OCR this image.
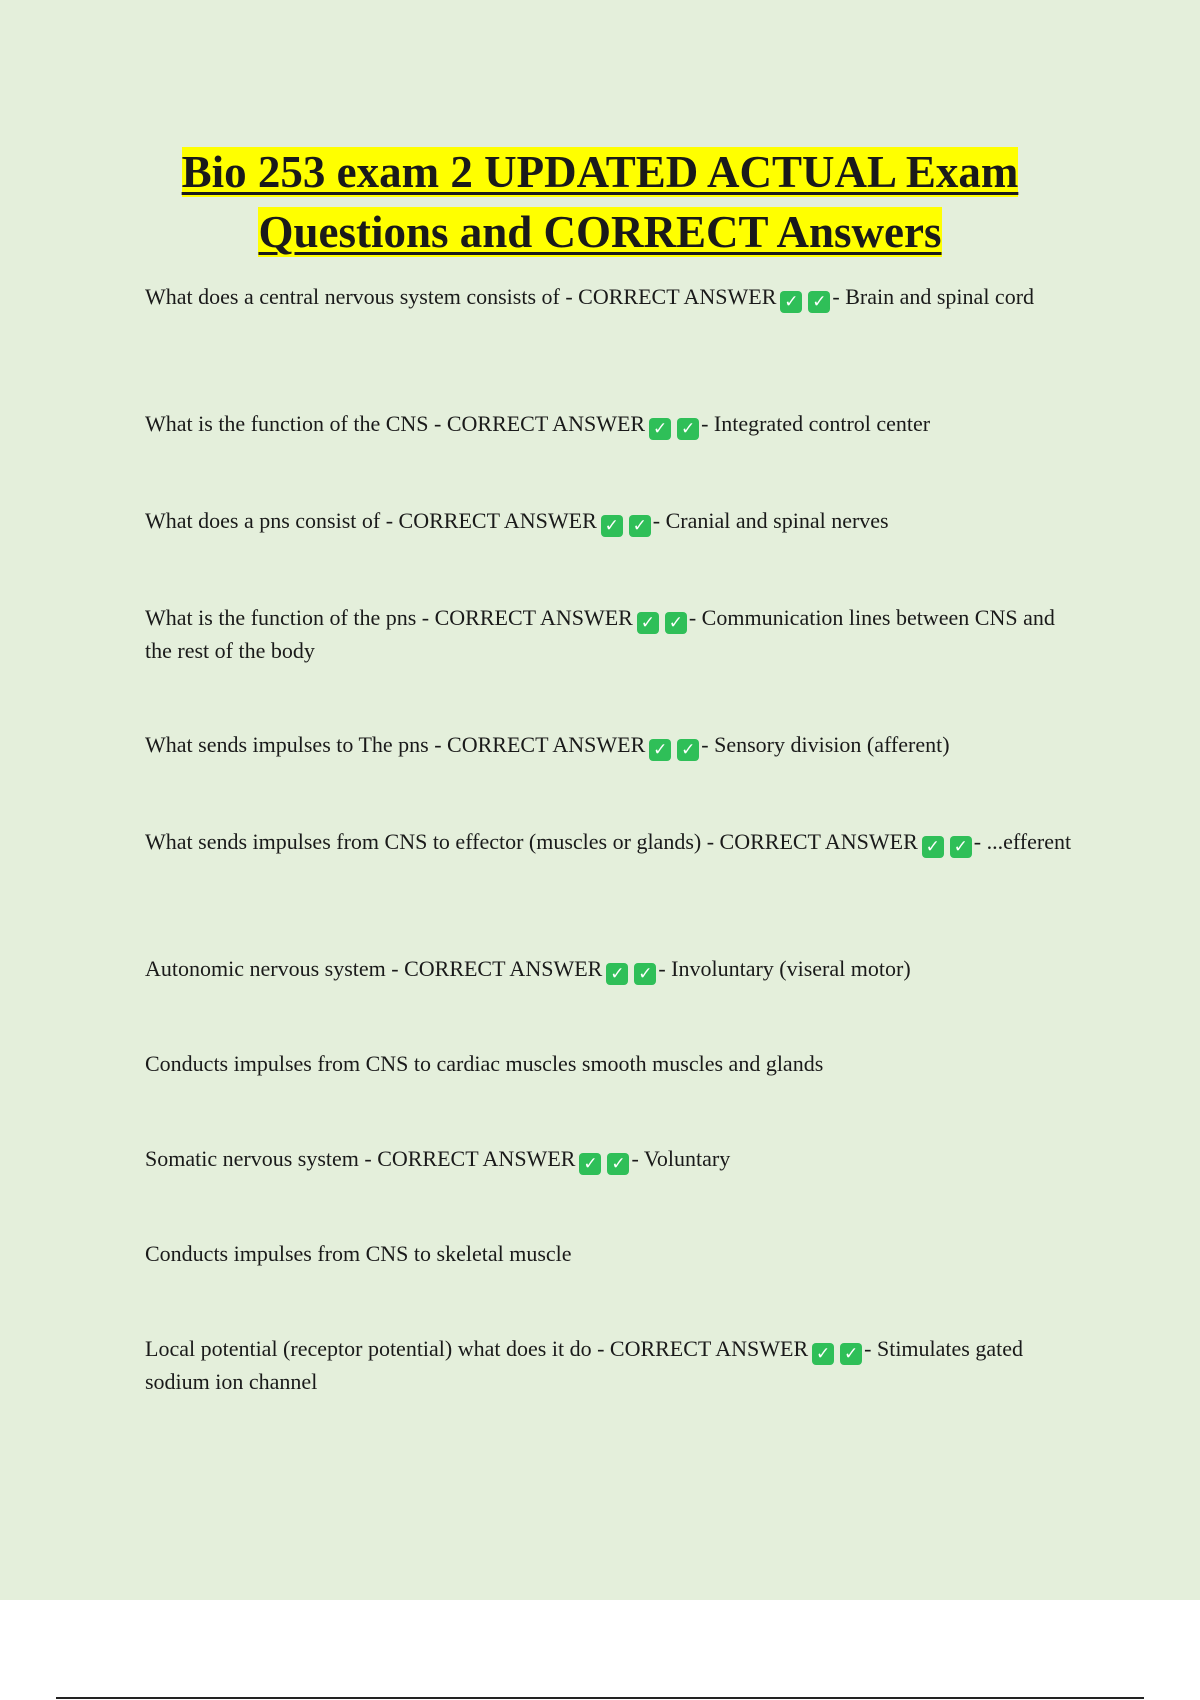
Bio 253 exam 2 UPDATED ACTUAL Exam
Questions and CORRECT Answers

What does a central nervous system consists of - CORRECT ANSWER ✓ ✓ - Brain and spinal cord

What is the function of the CNS - CORRECT ANSWER ✓ ✓ - Integrated control center

What does a pns consist of - CORRECT ANSWER ✓ ✓ - Cranial and spinal nerves

What is the function of the pns - CORRECT ANSWER ✓ ✓ - Communication lines between CNS and the rest of the body

What sends impulses to The pns - CORRECT ANSWER ✓ ✓ - Sensory division (afferent)

What sends impulses from CNS to effector (muscles or glands) - CORRECT ANSWER ✓ ✓ - ...efferent

Autonomic nervous system - CORRECT ANSWER ✓ ✓ - Involuntary (viseral motor)

Conducts impulses from CNS to cardiac muscles smooth muscles and glands

Somatic nervous system - CORRECT ANSWER ✓ ✓ - Voluntary

Conducts impulses from CNS to skeletal muscle

Local potential (receptor potential) what does it do - CORRECT ANSWER ✓ ✓ - Stimulates gated sodium ion channel
